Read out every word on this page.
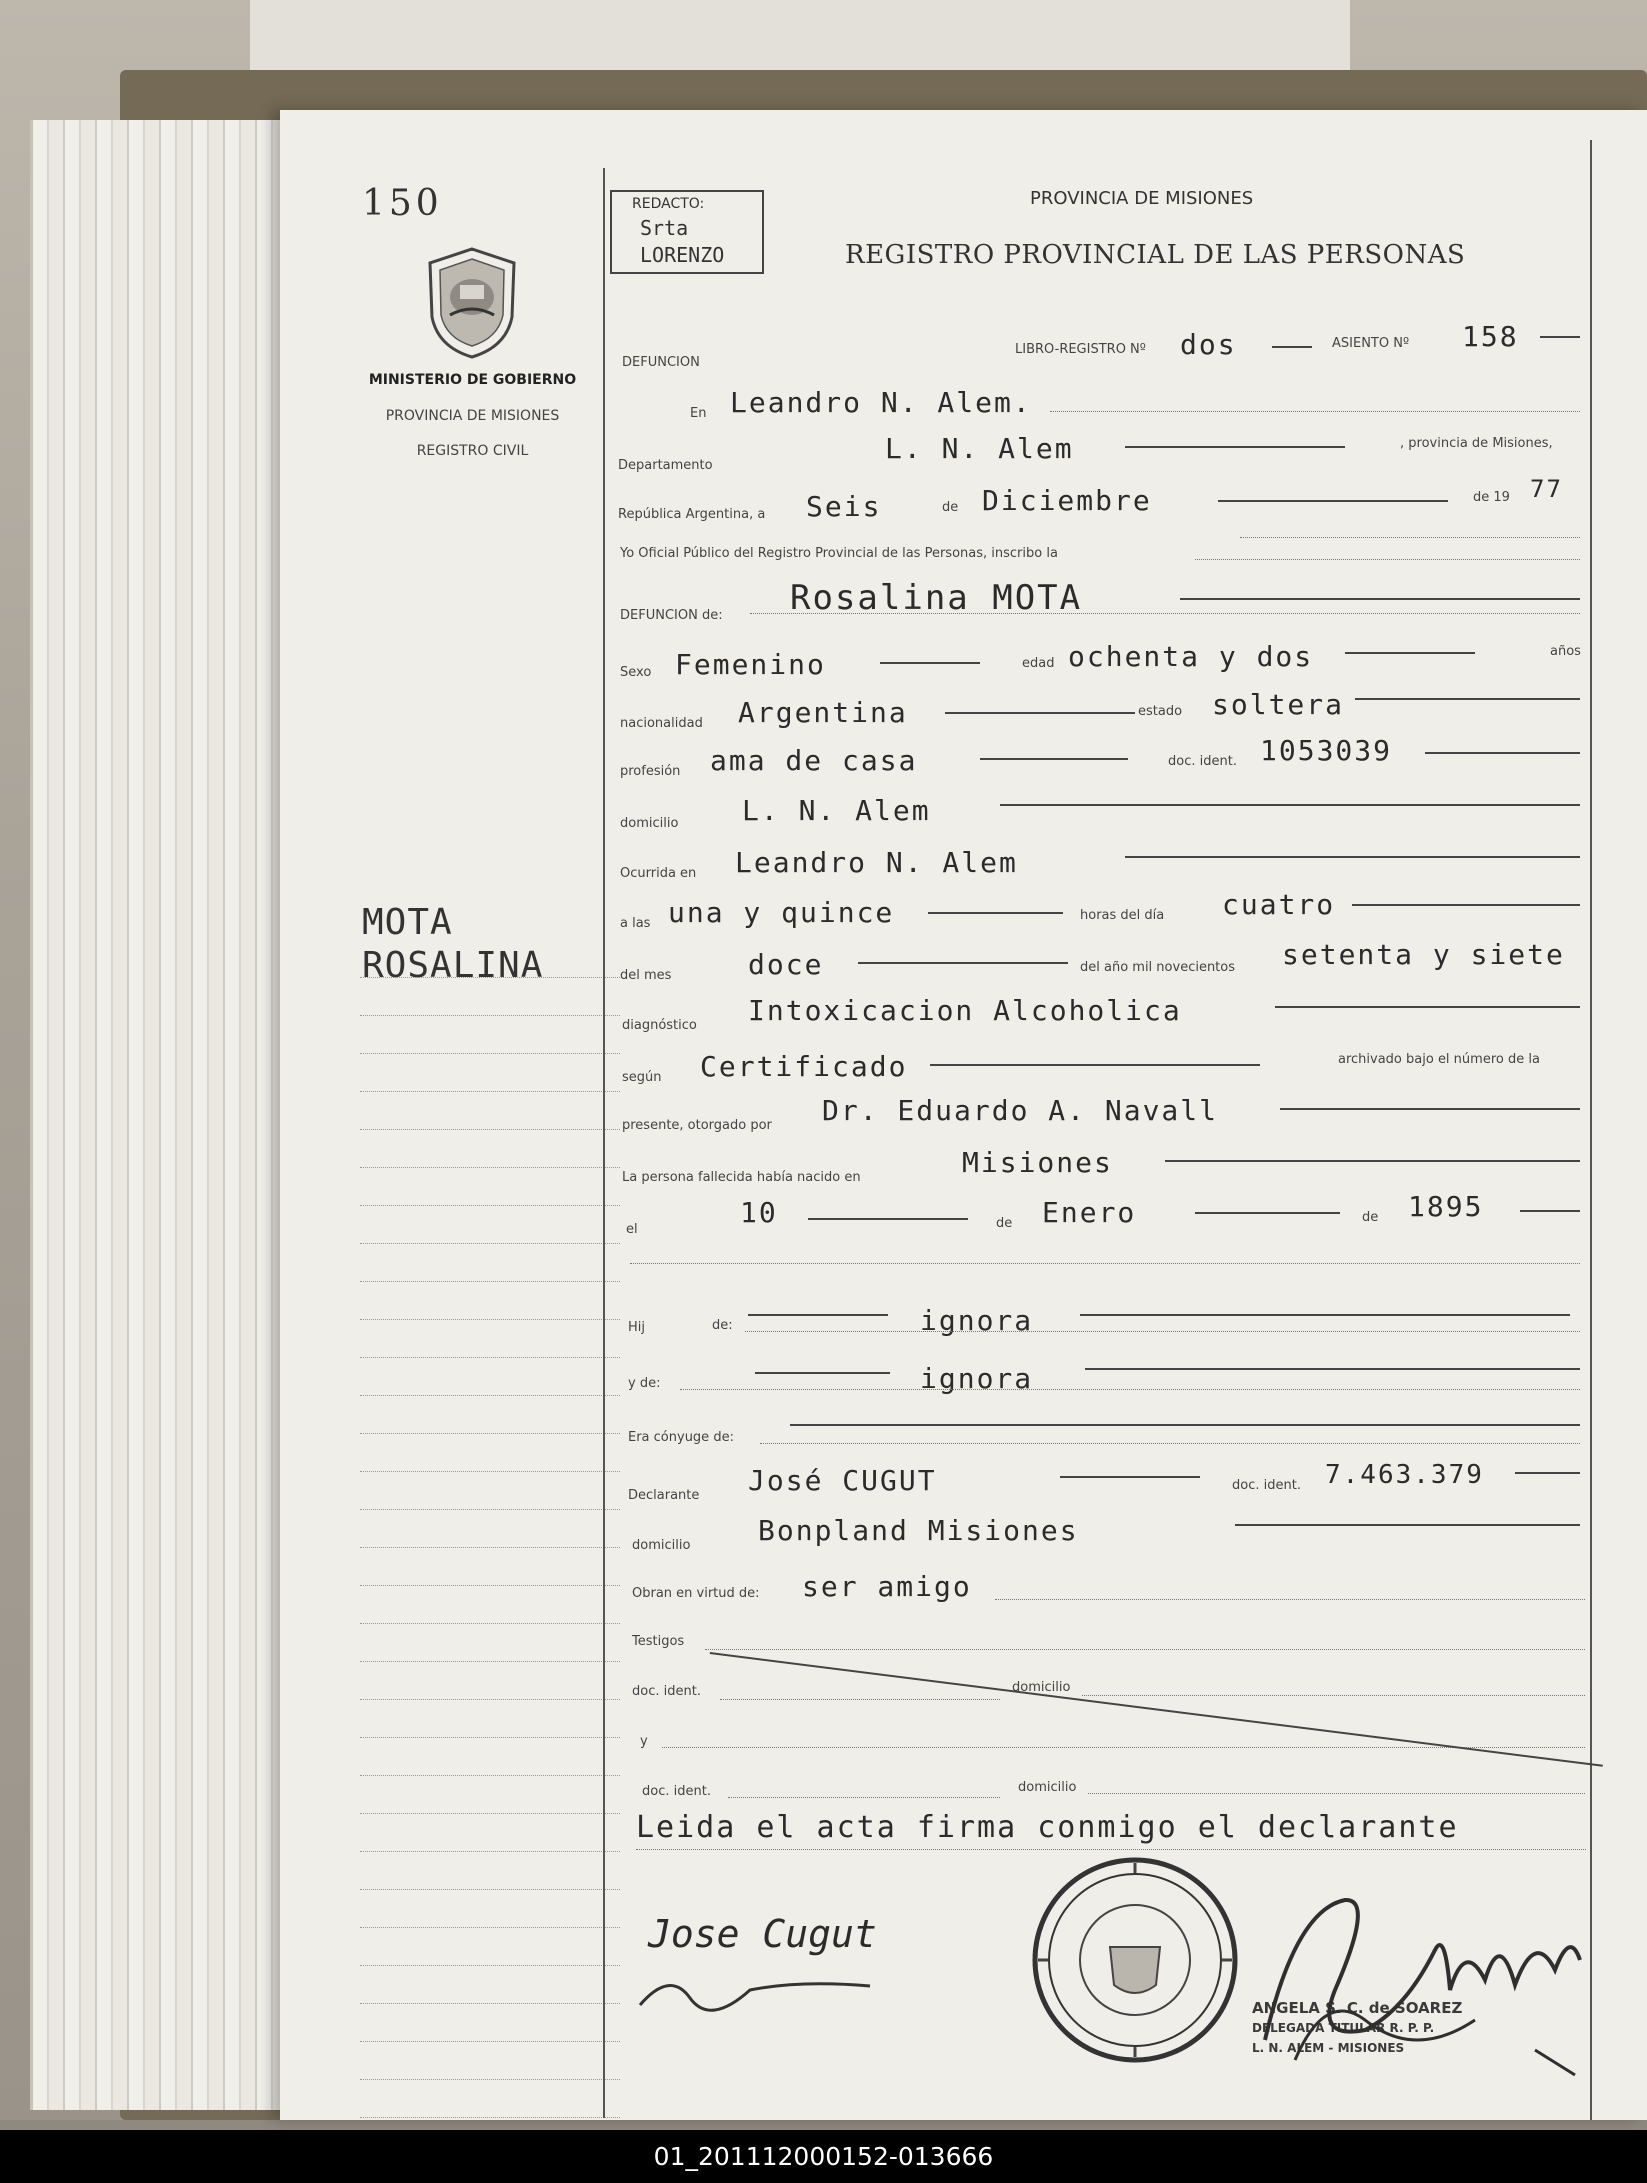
150
MINISTERIO DE GOBIERNO
PROVINCIA DE MISIONES
REGISTRO CIVIL
MOTA
ROSALINA
REDACTO:
Srta
LORENZO
PROVINCIA DE MISIONES
REGISTRO PROVINCIAL DE LAS PERSONAS
DEFUNCION
LIBRO-REGISTRO Nº dos	ASIENTO Nº 158
En Leandro N. Alem.
Departamento
L. N. Alem	, provincia de Misiones,
República Argentina, a Seis	de Diciembre	de 19 77
Yo Oficial Público del Registro Provincial de las Personas, inscribo la
DEFUNCION de: Rosalina MOTA
Sexo Femenino	edad ochenta y dos	años
nacionalidad Argentina	estado soltera
profesión ama de casa	doc. ident. 1053039
domicilio L. N. Alem
Ocurrida en Leandro N. Alem
a las una y quince	horas del día cuatro
del mes	doce	del año mil novecientos setenta y siete
diagnóstico Intoxicacion Alcoholica
según Certificado	archivado bajo el número de la
presente, otorgado por Dr. Eduardo A. Navall
La persona fallecida había nacido en	Misiones
el
10	de Enero	de 1895
Hij	de:	ignora
y de:	ignora
Era cónyuge de:
Declarante José CUGUT	doc. ident. 7.463.379
domicilio Bonpland Misiones
Obran en virtud de: ser amigo
Testigos
doc. ident.	domicilio
y
doc. ident.	domicilio
Leida el acta firma conmigo el declarante
Jose Cugut
ANGELA S. C. de SOAREZ
DELEGADA TITULAR R. P. P.
L. N. ALEM - MISIONES
01_201112000152-013666
